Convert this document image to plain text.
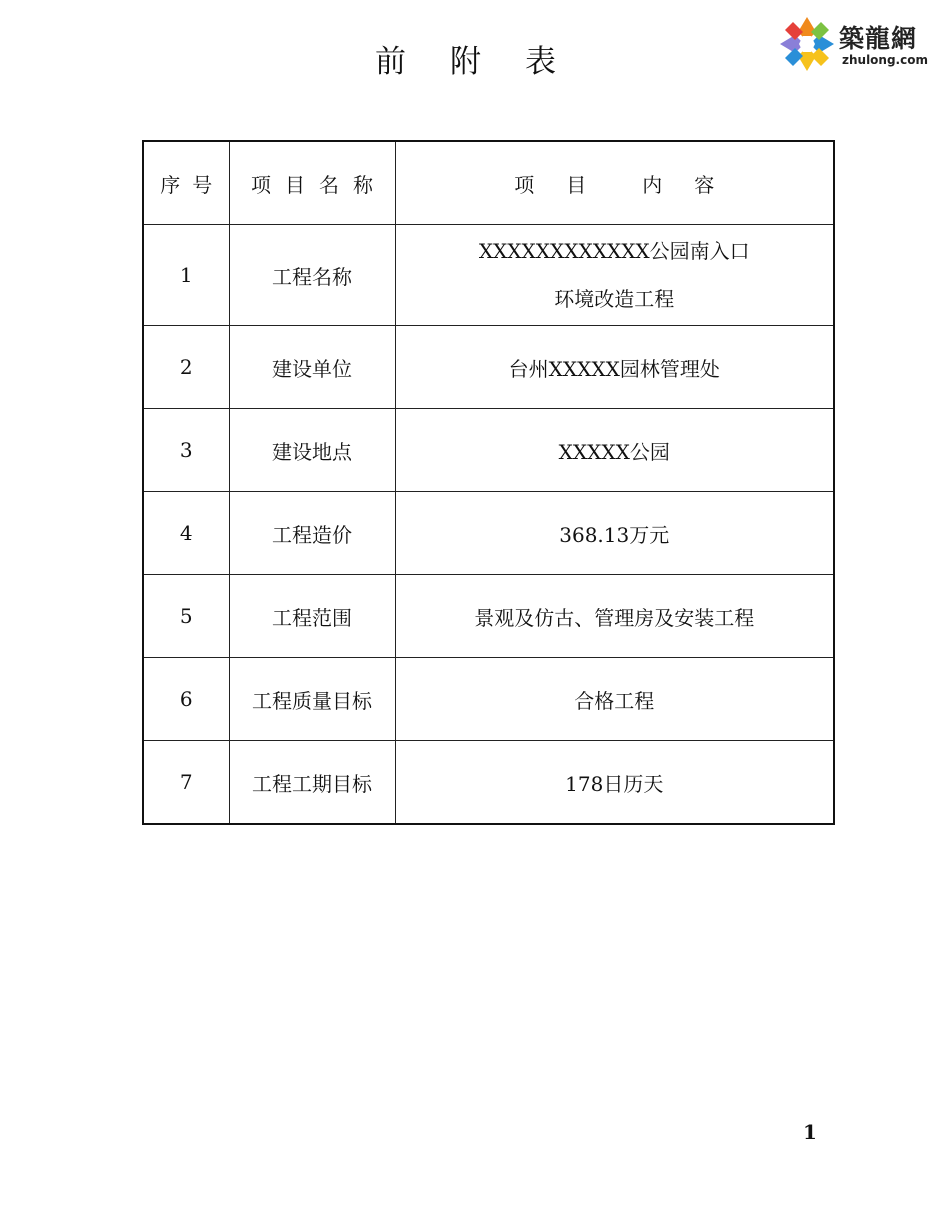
前附表
築龍網
zhulong.com
序号	项目名称	项 目 内 容
1	工程名称	XXXXXXXXXXXX公园南入口
环境改造工程

2	建设单位	台州XXXXX园林管理处
3	建设地点	XXXXX公园
4	工程造价	368.13万元
5	工程范围	景观及仿古、管理房及安装工程
6	工程质量目标	合格工程
7	工程工期目标	178日历天
1
